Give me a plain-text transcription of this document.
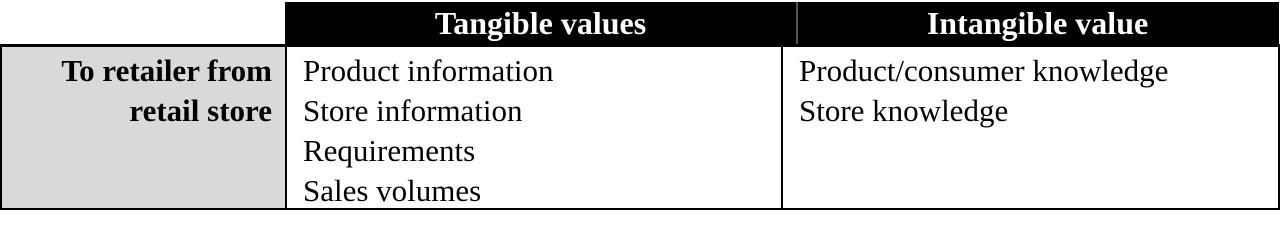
Tangible values	Intangible value
To retailer from
retail store
Product information
Store information
Requirements
Sales volumes
Product/consumer knowledge
Store knowledge
